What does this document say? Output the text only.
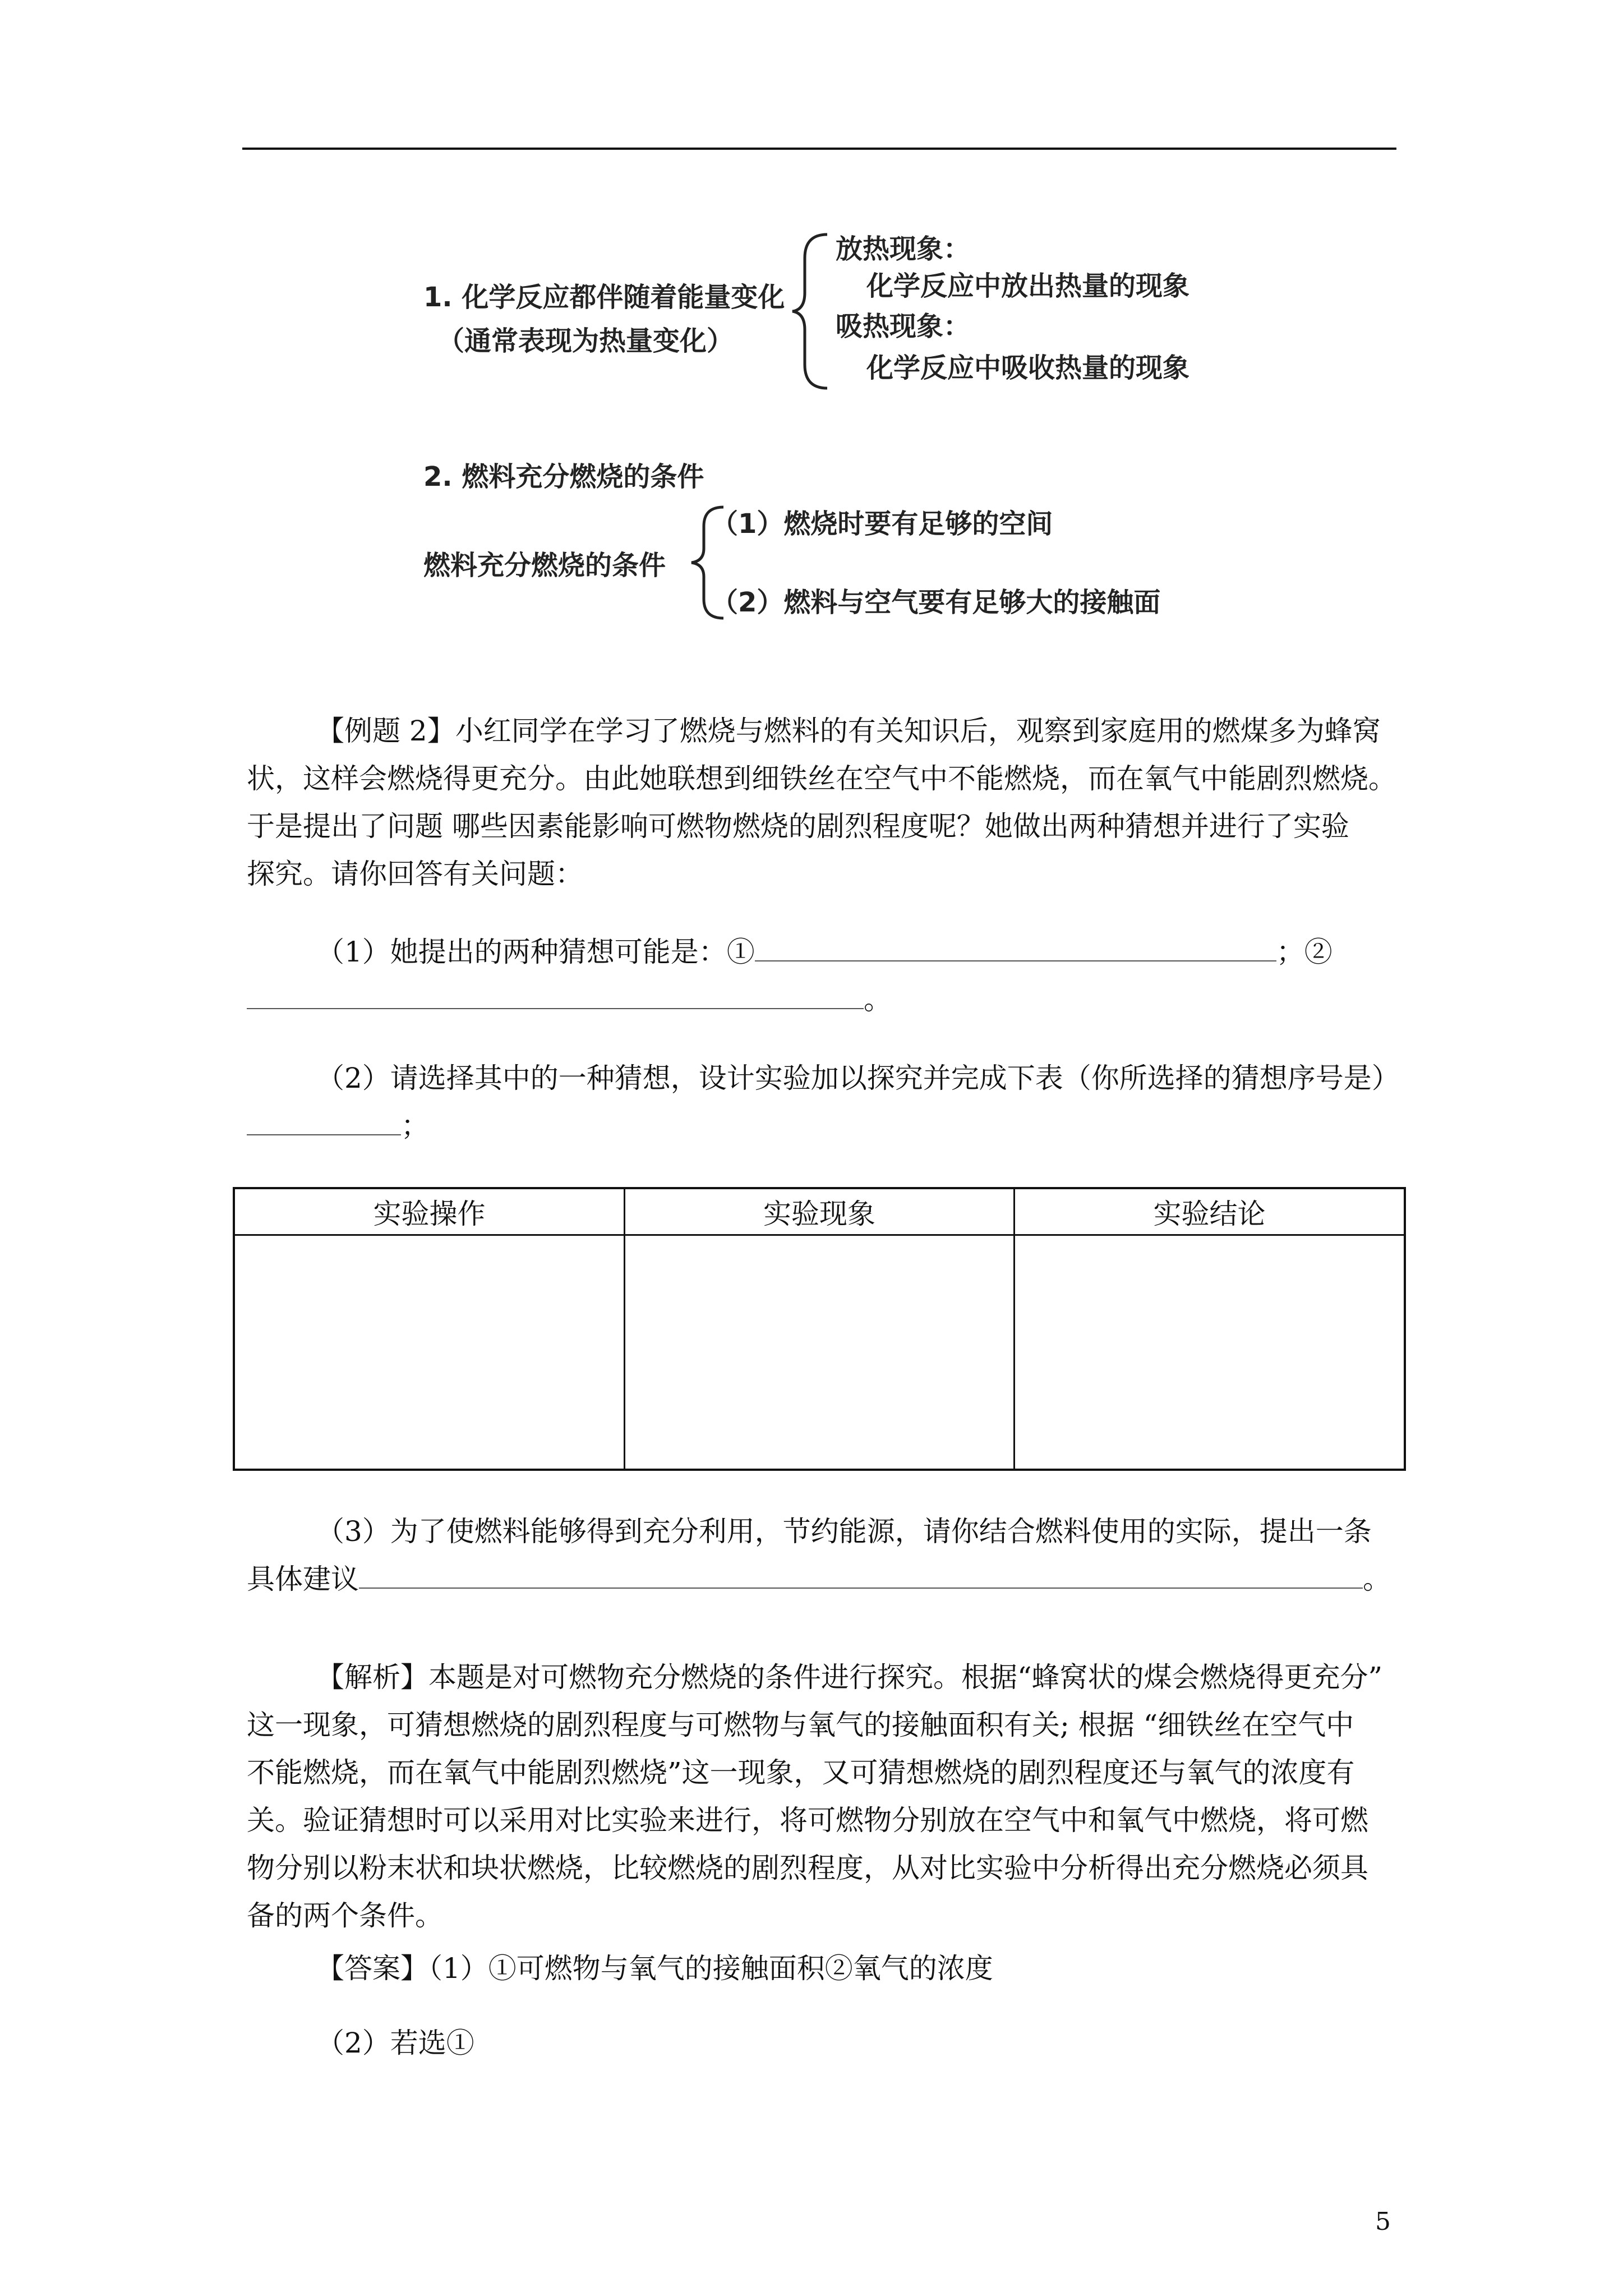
1. 化学反应都伴随着能量变化
（通常表现为热量变化）
放热现象：
化学反应中放出热量的现象
吸热现象：
化学反应中吸收热量的现象
2. 燃料充分燃烧的条件
燃料充分燃烧的条件
（1）燃烧时要有足够的空间
（2）燃料与空气要有足够大的接触面
【例题 2】小红同学在学习了燃烧与燃料的有关知识后，观察到家庭用的燃煤多为蜂窝
状，这样会燃烧得更充分。由此她联想到细铁丝在空气中不能燃烧，而在氧气中能剧烈燃烧。
于是提出了问题 哪些因素能影响可燃物燃烧的剧烈程度呢？她做出两种猜想并进行了实验
探究。请你回答有关问题：
（1）她提出的两种猜想可能是：①	；②
。
（2）请选择其中的一种猜想，设计实验加以探究并完成下表（你所选择的猜想序号是）
；
实验操作	实验现象	实验结论

（3）为了使燃料能够得到充分利用，节约能源，请你结合燃料使用的实际，提出一条
具体建议	。
【解析】本题是对可燃物充分燃烧的条件进行探究。根据“蜂窝状的煤会燃烧得更充分”
这一现象，可猜想燃烧的剧烈程度与可燃物与氧气的接触面积有关; 根据 “细铁丝在空气中
不能燃烧，而在氧气中能剧烈燃烧”这一现象，又可猜想燃烧的剧烈程度还与氧气的浓度有
关。验证猜想时可以采用对比实验来进行，将可燃物分别放在空气中和氧气中燃烧，将可燃
物分别以粉末状和块状燃烧，比较燃烧的剧烈程度，从对比实验中分析得出充分燃烧必须具
备的两个条件。
【答案】（1）①可燃物与氧气的接触面积②氧气的浓度
（2）若选①
5
